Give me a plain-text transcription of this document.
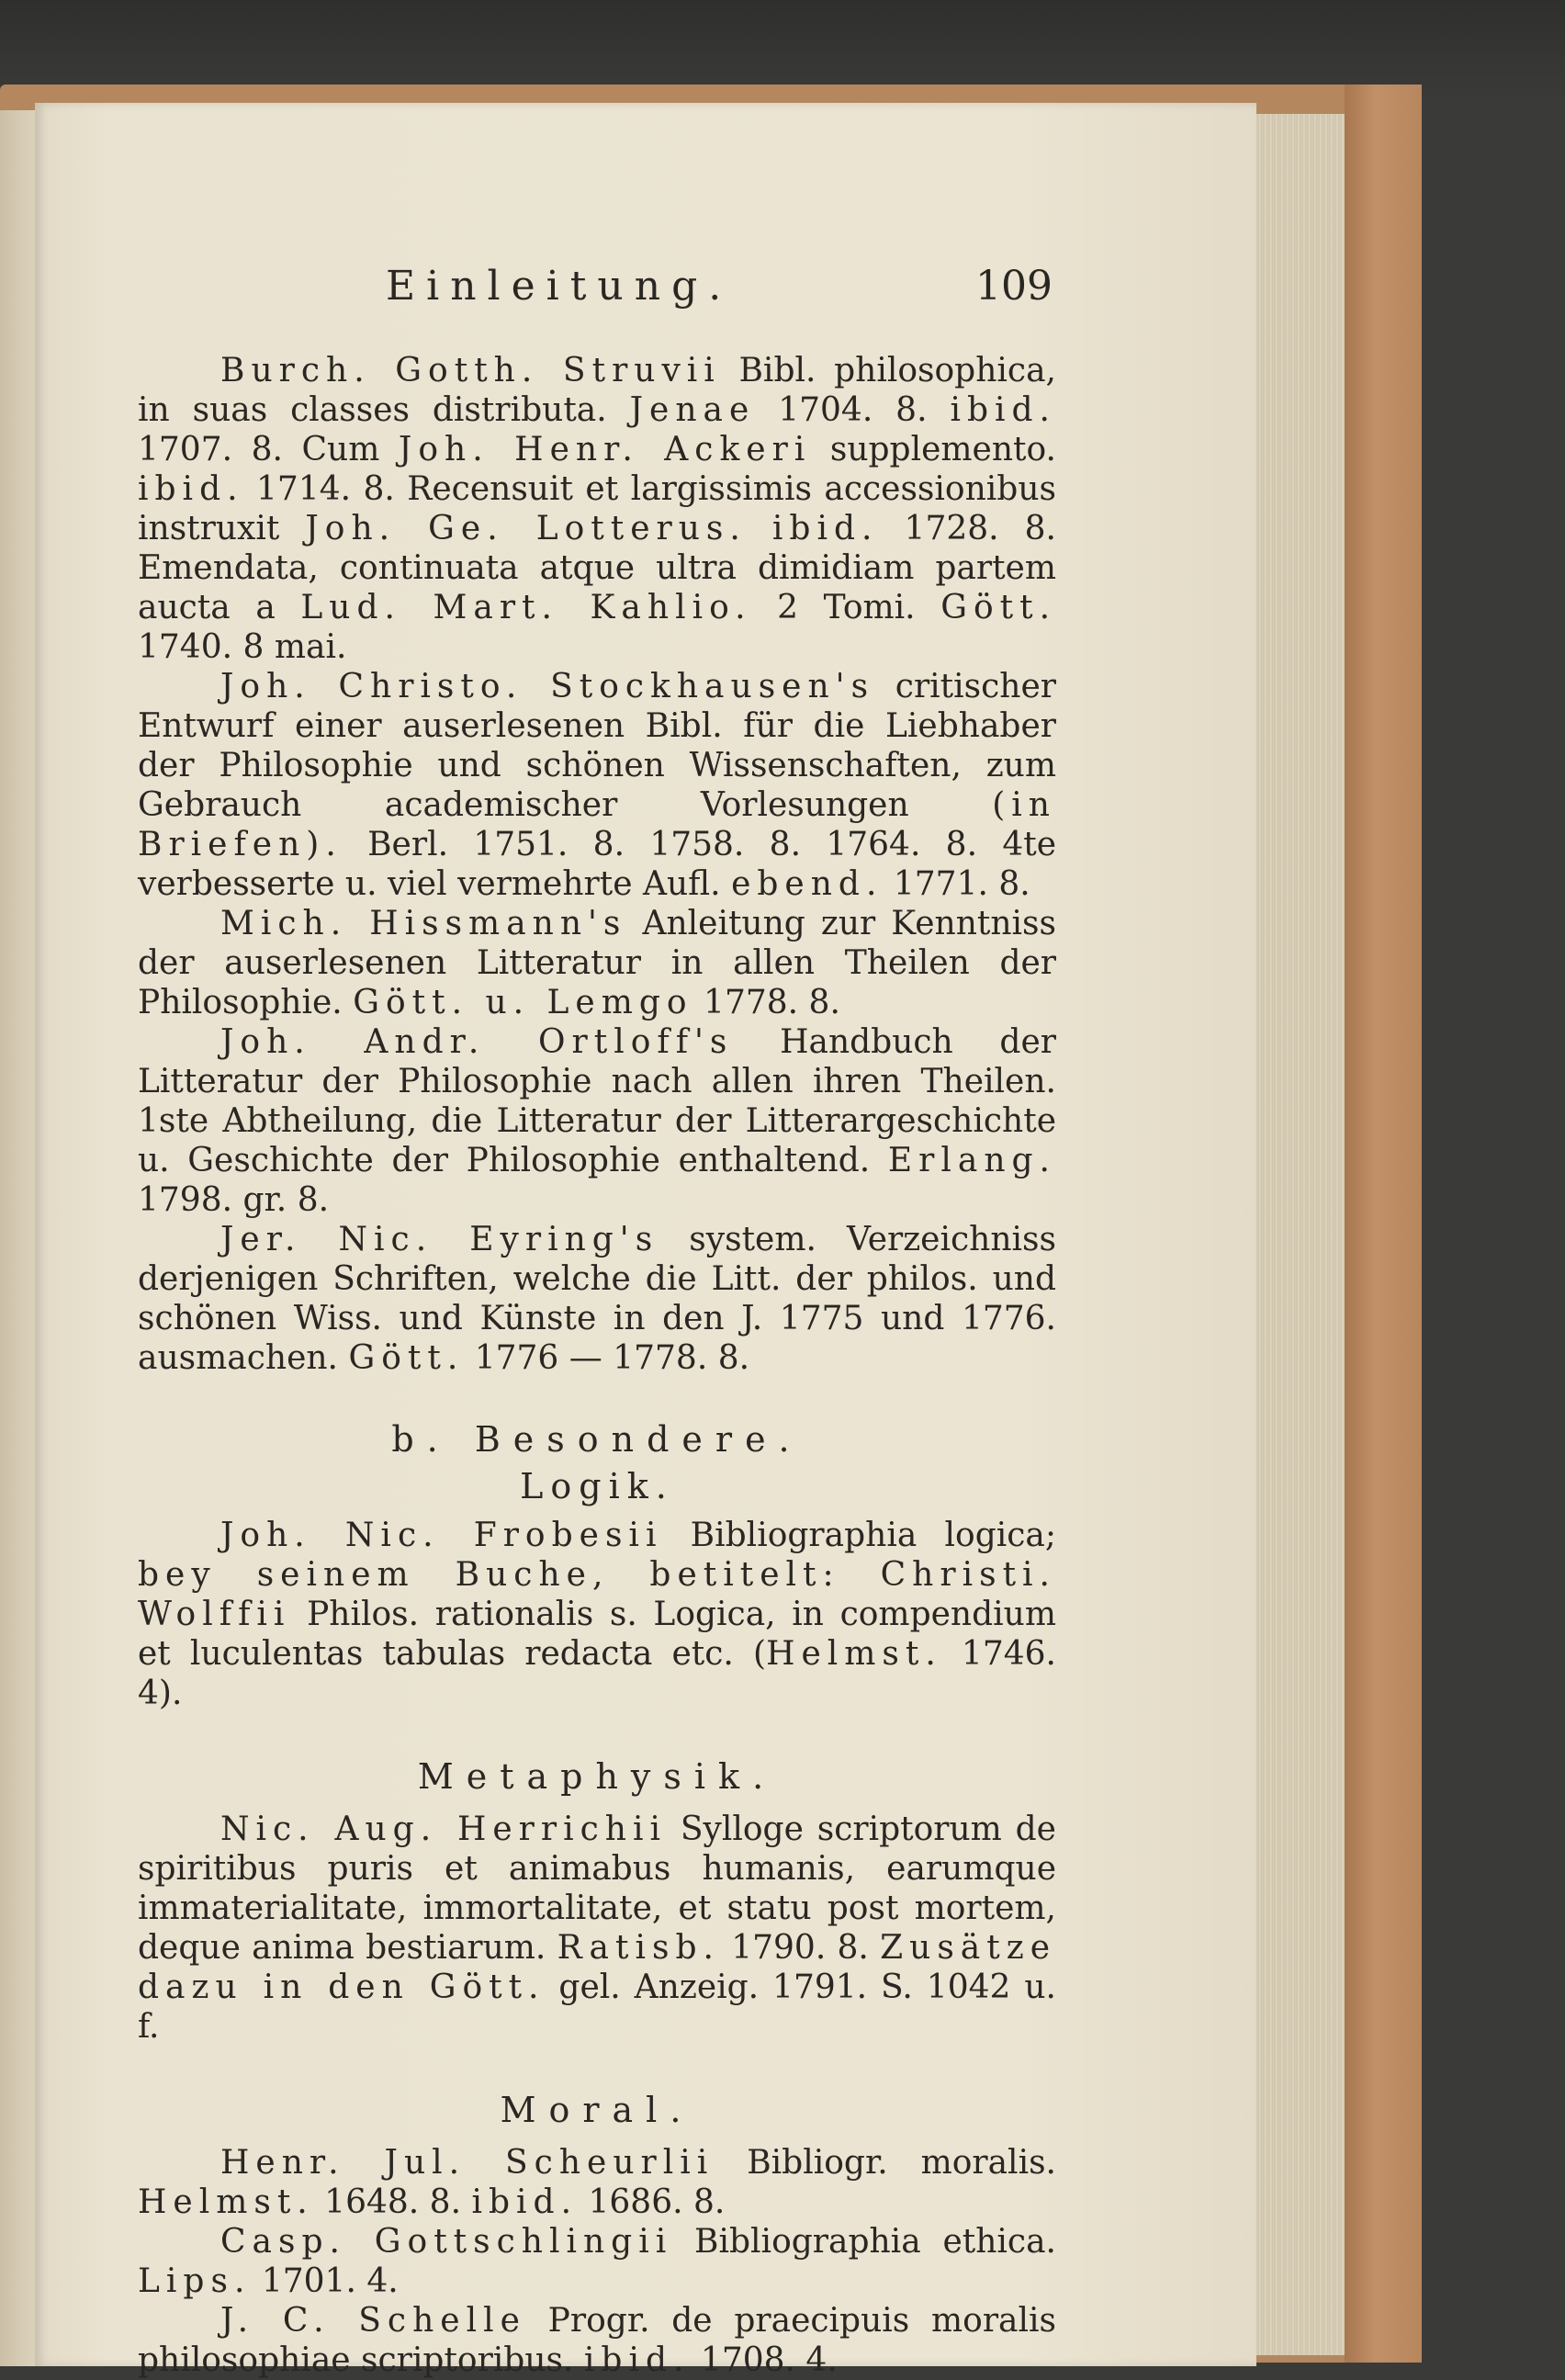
Einleitung.	109

Burch. Gotth. Struvii Bibl. philosophica, in suas classes distributa. Jenae 1704. 8. ibid. 1707. 8. Cum Joh. Henr. Ackeri supplemento. ibid. 1714. 8. Recensuit et largissimis accessionibus instruxit Joh. Ge. Lotterus. ibid. 1728. 8. Emendata, continuata atque ultra dimidiam partem aucta a Lud. Mart. Kahlio. 2 Tomi. Gött. 1740. 8 mai.

Joh. Christo. Stockhausen's critischer Entwurf einer auserlesenen Bibl. für die Liebhaber der Philosophie und schönen Wissenschaften, zum Gebrauch academischer Vorlesungen (in Briefen). Berl. 1751. 8. 1758. 8. 1764. 8. 4te verbesserte u. viel vermehrte Aufl. ebend. 1771. 8.

Mich. Hissmann's Anleitung zur Kenntniss der auserlesenen Litteratur in allen Theilen der Philosophie. Gött. u. Lemgo 1778. 8.

Joh. Andr. Ortloff's Handbuch der Litteratur der Philosophie nach allen ihren Theilen. 1ste Abtheilung, die Litteratur der Litterargeschichte u. Geschichte der Philosophie enthaltend. Erlang. 1798. gr. 8.

Jer. Nic. Eyring's system. Verzeichniss derjenigen Schriften, welche die Litt. der philos. und schönen Wiss. und Künste in den J. 1775 und 1776. ausmachen. Gött. 1776 — 1778. 8.

b. Besondere.

Logik.

Joh. Nic. Frobesii Bibliographia logica; bey seinem Buche, betitelt: Christi. Wolffii Philos. rationalis s. Logica, in compendium et luculentas tabulas redacta etc. (Helmst. 1746. 4).

Metaphysik.

Nic. Aug. Herrichii Sylloge scriptorum de spiritibus puris et animabus humanis, earumque immaterialitate, immortalitate, et statu post mortem, deque anima bestiarum. Ratisb. 1790. 8. Zusätze dazu in den Gött. gel. Anzeig. 1791. S. 1042 u. f.

Moral.

Henr. Jul. Scheurlii Bibliogr. moralis. Helmst. 1648. 8. ibid. 1686. 8.

Casp. Gottschlingii Bibliographia ethica. Lips. 1701. 4.

J. C. Schelle Progr. de praecipuis moralis philosophiae scriptoribus. ibid. 1708. 4.
